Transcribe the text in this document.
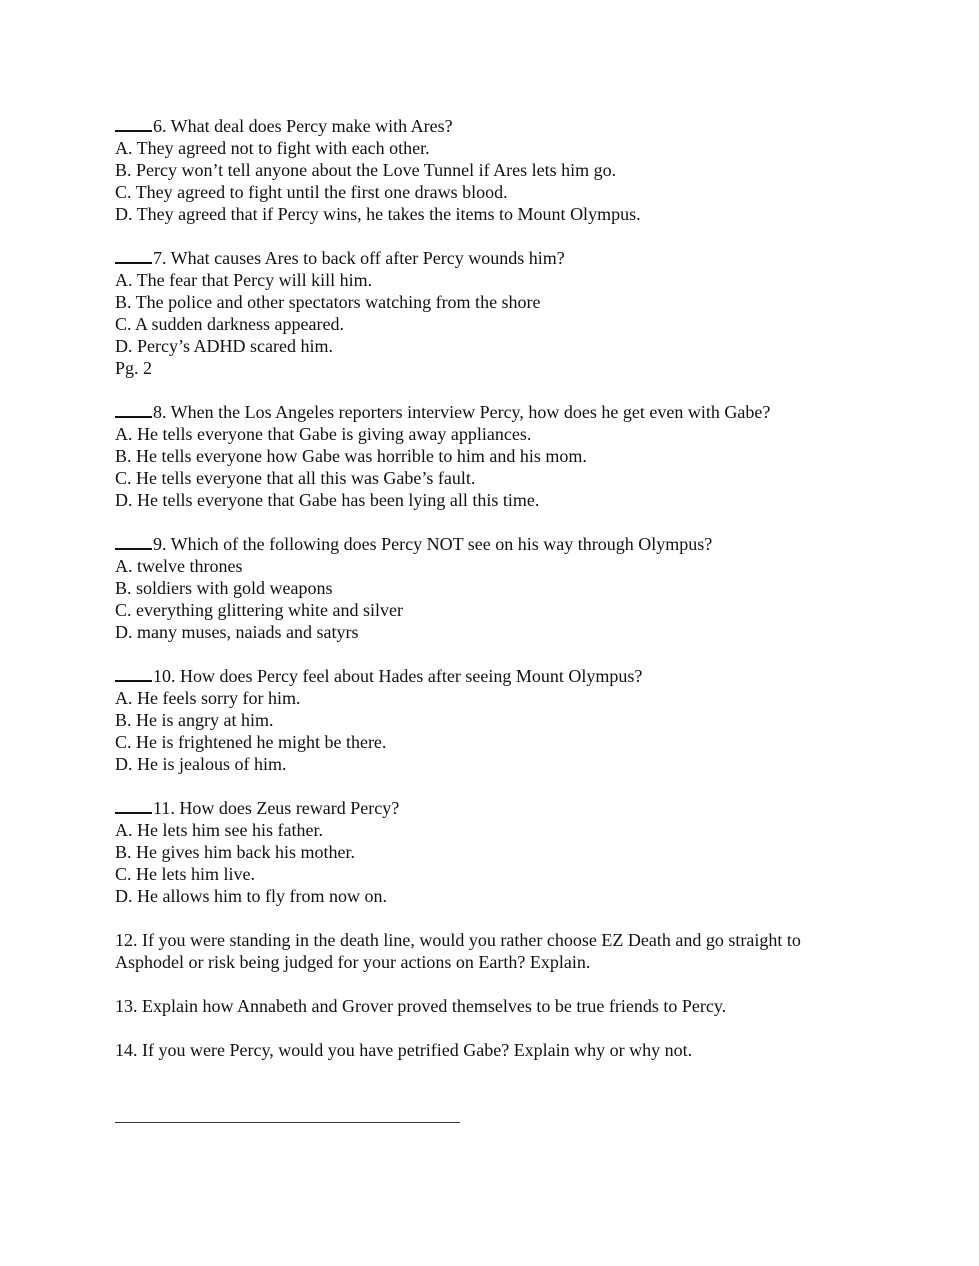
6. What deal does Percy make with Ares?

A. They agreed not to fight with each other.

B. Percy won’t tell anyone about the Love Tunnel if Ares lets him go.

C. They agreed to fight until the first one draws blood.

D. They agreed that if Percy wins, he takes the items to Mount Olympus.

7. What causes Ares to back off after Percy wounds him?

A. The fear that Percy will kill him.

B. The police and other spectators watching from the shore

C. A sudden darkness appeared.

D. Percy’s ADHD scared him.

Pg. 2

8. When the Los Angeles reporters interview Percy, how does he get even with Gabe?

A. He tells everyone that Gabe is giving away appliances.

B. He tells everyone how Gabe was horrible to him and his mom.

C. He tells everyone that all this was Gabe’s fault.

D. He tells everyone that Gabe has been lying all this time.

9. Which of the following does Percy NOT see on his way through Olympus?

A. twelve thrones

B. soldiers with gold weapons

C. everything glittering white and silver

D. many muses, naiads and satyrs

10. How does Percy feel about Hades after seeing Mount Olympus?

A. He feels sorry for him.

B. He is angry at him.

C. He is frightened he might be there.

D. He is jealous of him.

11. How does Zeus reward Percy?

A. He lets him see his father.

B. He gives him back his mother.

C. He lets him live.

D. He allows him to fly from now on.

12. If you were standing in the death line, would you rather choose EZ Death and go straight to Asphodel or risk being judged for your actions on Earth? Explain.

13. Explain how Annabeth and Grover proved themselves to be true friends to Percy.

14. If you were Percy, would you have petrified Gabe? Explain why or why not.
